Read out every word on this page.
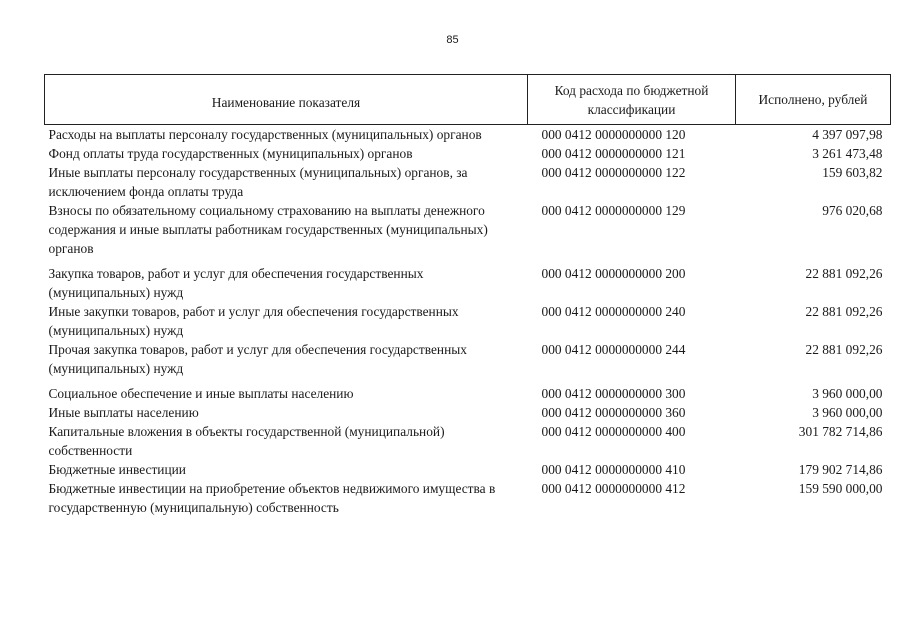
85
Наименование показателя	Код расхода по бюджетной классификации	Исполнено, рублей
Расходы на выплаты персоналу государственных (муниципальных) органов	000 0412 0000000000 120	4 397 097,98
Фонд оплаты труда государственных (муниципальных) органов	000 0412 0000000000 121	3 261 473,48
Иные выплаты персоналу государственных (муниципальных) органов, за исключением фонда оплаты труда	000 0412 0000000000 122	159 603,82
Взносы по обязательному социальному страхованию на выплаты денежного содержания и иные выплаты работникам государственных (муниципальных) органов	000 0412 0000000000 129	976 020,68
Закупка товаров, работ и услуг для обеспечения государственных (муниципальных) нужд	000 0412 0000000000 200	22 881 092,26
Иные закупки товаров, работ и услуг для обеспечения государственных (муниципальных) нужд	000 0412 0000000000 240	22 881 092,26
Прочая закупка товаров, работ и услуг для обеспечения государственных (муниципальных) нужд	000 0412 0000000000 244	22 881 092,26
Социальное обеспечение и иные выплаты населению	000 0412 0000000000 300	3 960 000,00
Иные выплаты населению	000 0412 0000000000 360	3 960 000,00
Капитальные вложения в объекты государственной (муниципальной) собственности	000 0412 0000000000 400	301 782 714,86
Бюджетные инвестиции	000 0412 0000000000 410	179 902 714,86
Бюджетные инвестиции на приобретение объектов недвижимого имущества в государственную (муниципальную) собственность	000 0412 0000000000 412	159 590 000,00
